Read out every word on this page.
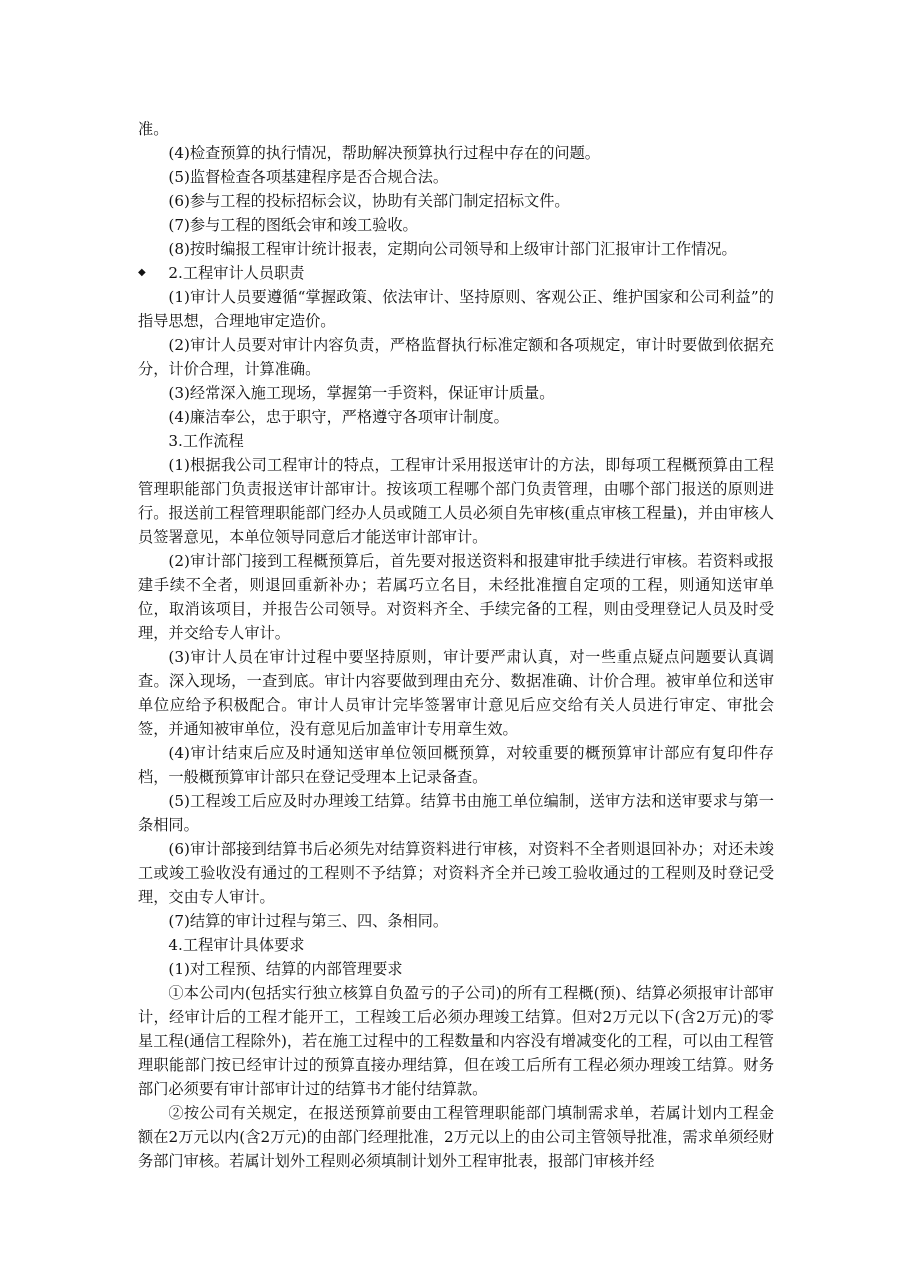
准。

(4)检查预算的执行情况，帮助解决预算执行过程中存在的问题。

(5)监督检查各项基建程序是否合规合法。

(6)参与工程的投标招标会议，协助有关部门制定招标文件。

(7)参与工程的图纸会审和竣工验收。

(8)按时编报工程审计统计报表，定期向公司领导和上级审计部门汇报审计工作情况。

◆	2.工程审计人员职责

(1)审计人员要遵循“掌握政策、依法审计、坚持原则、客观公正、维护国家和公司利益”的指导思想，合理地审定造价。

(2)审计人员要对审计内容负责，严格监督执行标准定额和各项规定，审计时要做到依据充分，计价合理，计算准确。

(3)经常深入施工现场，掌握第一手资料，保证审计质量。

(4)廉洁奉公，忠于职守，严格遵守各项审计制度。

3.工作流程

(1)根据我公司工程审计的特点，工程审计采用报送审计的方法，即每项工程概预算由工程管理职能部门负责报送审计部审计。按该项工程哪个部门负责管理，由哪个部门报送的原则进行。报送前工程管理职能部门经办人员或随工人员必须自先审核(重点审核工程量)，并由审核人员签署意见，本单位领导同意后才能送审计部审计。

(2)审计部门接到工程概预算后，首先要对报送资料和报建审批手续进行审核。若资料或报建手续不全者，则退回重新补办；若属巧立名目，未经批准擅自定项的工程，则通知送审单位，取消该项目，并报告公司领导。对资料齐全、手续完备的工程，则由受理登记人员及时受理，并交给专人审计。

(3)审计人员在审计过程中要坚持原则，审计要严肃认真，对一些重点疑点问题要认真调查。深入现场，一查到底。审计内容要做到理由充分、数据准确、计价合理。被审单位和送审单位应给予积极配合。审计人员审计完毕签署审计意见后应交给有关人员进行审定、审批会签，并通知被审单位，没有意见后加盖审计专用章生效。

(4)审计结束后应及时通知送审单位领回概预算，对较重要的概预算审计部应有复印件存档，一般概预算审计部只在登记受理本上记录备查。

(5)工程竣工后应及时办理竣工结算。结算书由施工单位编制，送审方法和送审要求与第一条相同。

(6)审计部接到结算书后必须先对结算资料进行审核，对资料不全者则退回补办；对还未竣工或竣工验收没有通过的工程则不予结算；对资料齐全并已竣工验收通过的工程则及时登记受理，交由专人审计。

(7)结算的审计过程与第三、四、条相同。

4.工程审计具体要求

(1)对工程预、结算的内部管理要求

①本公司内(包括实行独立核算自负盈亏的子公司)的所有工程概(预)、结算必须报审计部审计，经审计后的工程才能开工，工程竣工后必须办理竣工结算。但对2万元以下(含2万元)的零星工程(通信工程除外)，若在施工过程中的工程数量和内容没有增减变化的工程，可以由工程管理职能部门按已经审计过的预算直接办理结算，但在竣工后所有工程必须办理竣工结算。财务部门必须要有审计部审计过的结算书才能付结算款。

②按公司有关规定，在报送预算前要由工程管理职能部门填制需求单，若属计划内工程金额在2万元以内(含2万元)的由部门经理批准，2万元以上的由公司主管领导批准，需求单须经财务部门审核。若属计划外工程则必须填制计划外工程审批表，报部门审核并经
